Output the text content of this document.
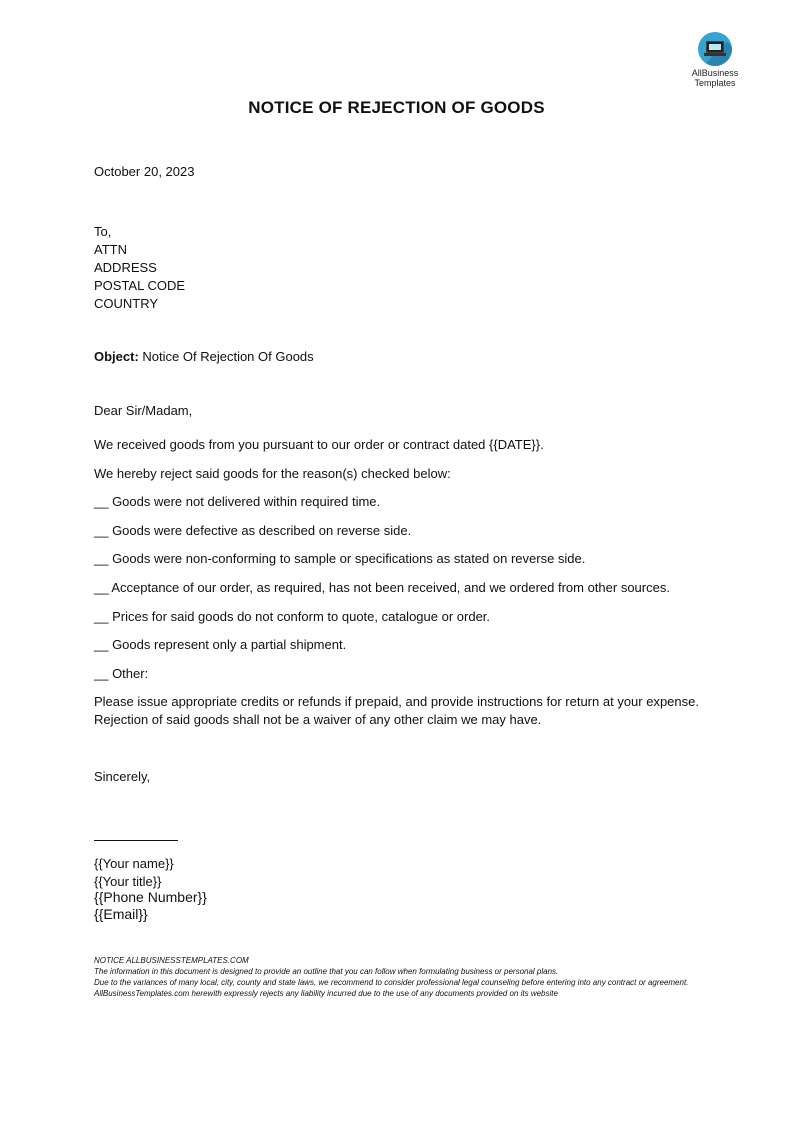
AllBusiness
Templates
NOTICE OF REJECTION OF GOODS
October 20, 2023
To,
ATTN
ADDRESS
POSTAL CODE
COUNTRY
Object: Notice Of Rejection Of Goods
Dear Sir/Madam,
We received goods from you pursuant to our order or contract dated {{DATE}}.
We hereby reject said goods for the reason(s) checked below:
__ Goods were not delivered within required time.
__ Goods were defective as described on reverse side.
__ Goods were non-conforming to sample or specifications as stated on reverse side.
__ Acceptance of our order, as required, has not been received, and we ordered from other sources.
__ Prices for said goods do not conform to quote, catalogue or order.
__ Goods represent only a partial shipment.
__ Other:
Please issue appropriate credits or refunds if prepaid, and provide instructions for return at your expense. Rejection of said goods shall not be a waiver of any other claim we may have.
Sincerely,
{{Your name}}
{{Your title}}
{{Phone Number}}
{{Email}}
NOTICE ALLBUSINESSTEMPLATES.COM
The information in this document is designed to provide an outline that you can follow when formulating business or personal plans.
Due to the variances of many local, city, county and state laws, we recommend to consider professional legal counseling before entering into any contract or agreement. AllBusinessTemplates.com herewith expressly rejects any liability incurred due to the use of any documents provided on its website
